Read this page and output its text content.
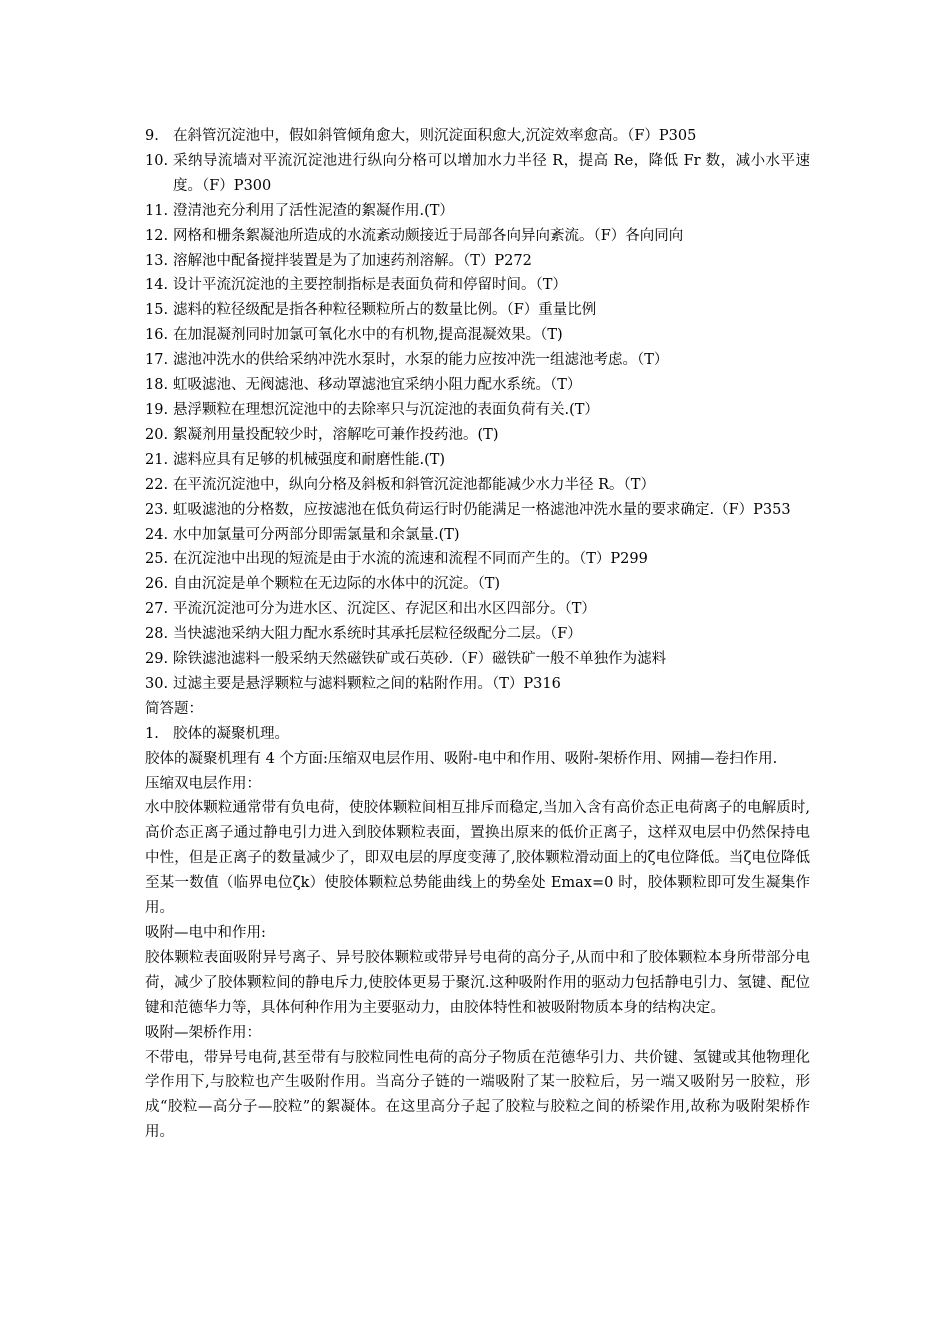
9. 在斜管沉淀池中，假如斜管倾角愈大，则沉淀面积愈大,沉淀效率愈高。（F）P305
10. 采纳导流墙对平流沉淀池进行纵向分格可以增加水力半径 R，提高 Re，降低 Fr 数，减小水平速度。（F）P300
11. 澄清池充分利用了活性泥渣的絮凝作用.(T）
12. 网格和栅条絮凝池所造成的水流紊动颇接近于局部各向异向紊流。（F）各向同向
13. 溶解池中配备搅拌装置是为了加速药剂溶解。（T）P272
14. 设计平流沉淀池的主要控制指标是表面负荷和停留时间。（T）
15. 滤料的粒径级配是指各种粒径颗粒所占的数量比例。（F）重量比例
16. 在加混凝剂同时加氯可氧化水中的有机物,提高混凝效果。（T)
17. 滤池冲洗水的供给采纳冲洗水泵时，水泵的能力应按冲洗一组滤池考虑。（T）
18. 虹吸滤池、无阀滤池、移动罩滤池宜采纳小阻力配水系统。（T）
19. 悬浮颗粒在理想沉淀池中的去除率只与沉淀池的表面负荷有关.(T）
20. 絮凝剂用量投配较少时，溶解吃可兼作投药池。(T)
21. 滤料应具有足够的机械强度和耐磨性能.(T)
22. 在平流沉淀池中，纵向分格及斜板和斜管沉淀池都能减少水力半径 R。（T）
23. 虹吸滤池的分格数，应按滤池在低负荷运行时仍能满足一格滤池冲洗水量的要求确定.（F）P353
24. 水中加氯量可分两部分即需氯量和余氯量.(T)
25. 在沉淀池中出现的短流是由于水流的流速和流程不同而产生的。（T）P299
26. 自由沉淀是单个颗粒在无边际的水体中的沉淀。（T)
27. 平流沉淀池可分为进水区、沉淀区、存泥区和出水区四部分。（T）
28. 当快滤池采纳大阻力配水系统时其承托层粒径级配分二层。（F）
29. 除铁滤池滤料一般采纳天然磁铁矿或石英砂.（F）磁铁矿一般不单独作为滤料
30. 过滤主要是悬浮颗粒与滤料颗粒之间的粘附作用。（T）P316
简答题：
1. 胶体的凝聚机理。
胶体的凝聚机理有 4 个方面:压缩双电层作用、吸附-电中和作用、吸附-架桥作用、网捕—卷扫作用.
压缩双电层作用：
水中胶体颗粒通常带有负电荷，使胶体颗粒间相互排斥而稳定,当加入含有高价态正电荷离子的电解质时,高价态正离子通过静电引力进入到胶体颗粒表面，置换出原来的低价正离子，这样双电层中仍然保持电中性，但是正离子的数量减少了，即双电层的厚度变薄了,胶体颗粒滑动面上的ζ电位降低。当ζ电位降低至某一数值（临界电位ζk）使胶体颗粒总势能曲线上的势垒处 Emax=0 时，胶体颗粒即可发生凝集作用。
吸附—电中和作用:
胶体颗粒表面吸附异号离子、异号胶体颗粒或带异号电荷的高分子,从而中和了胶体颗粒本身所带部分电荷，减少了胶体颗粒间的静电斥力,使胶体更易于聚沉.这种吸附作用的驱动力包括静电引力、氢键、配位键和范德华力等，具体何种作用为主要驱动力，由胶体特性和被吸附物质本身的结构决定。
吸附—架桥作用：
不带电，带异号电荷,甚至带有与胶粒同性电荷的高分子物质在范德华引力、共价键、氢键或其他物理化学作用下,与胶粒也产生吸附作用。当高分子链的一端吸附了某一胶粒后，另一端又吸附另一胶粒，形成“胶粒—高分子—胶粒”的絮凝体。在这里高分子起了胶粒与胶粒之间的桥梁作用,故称为吸附架桥作用。
